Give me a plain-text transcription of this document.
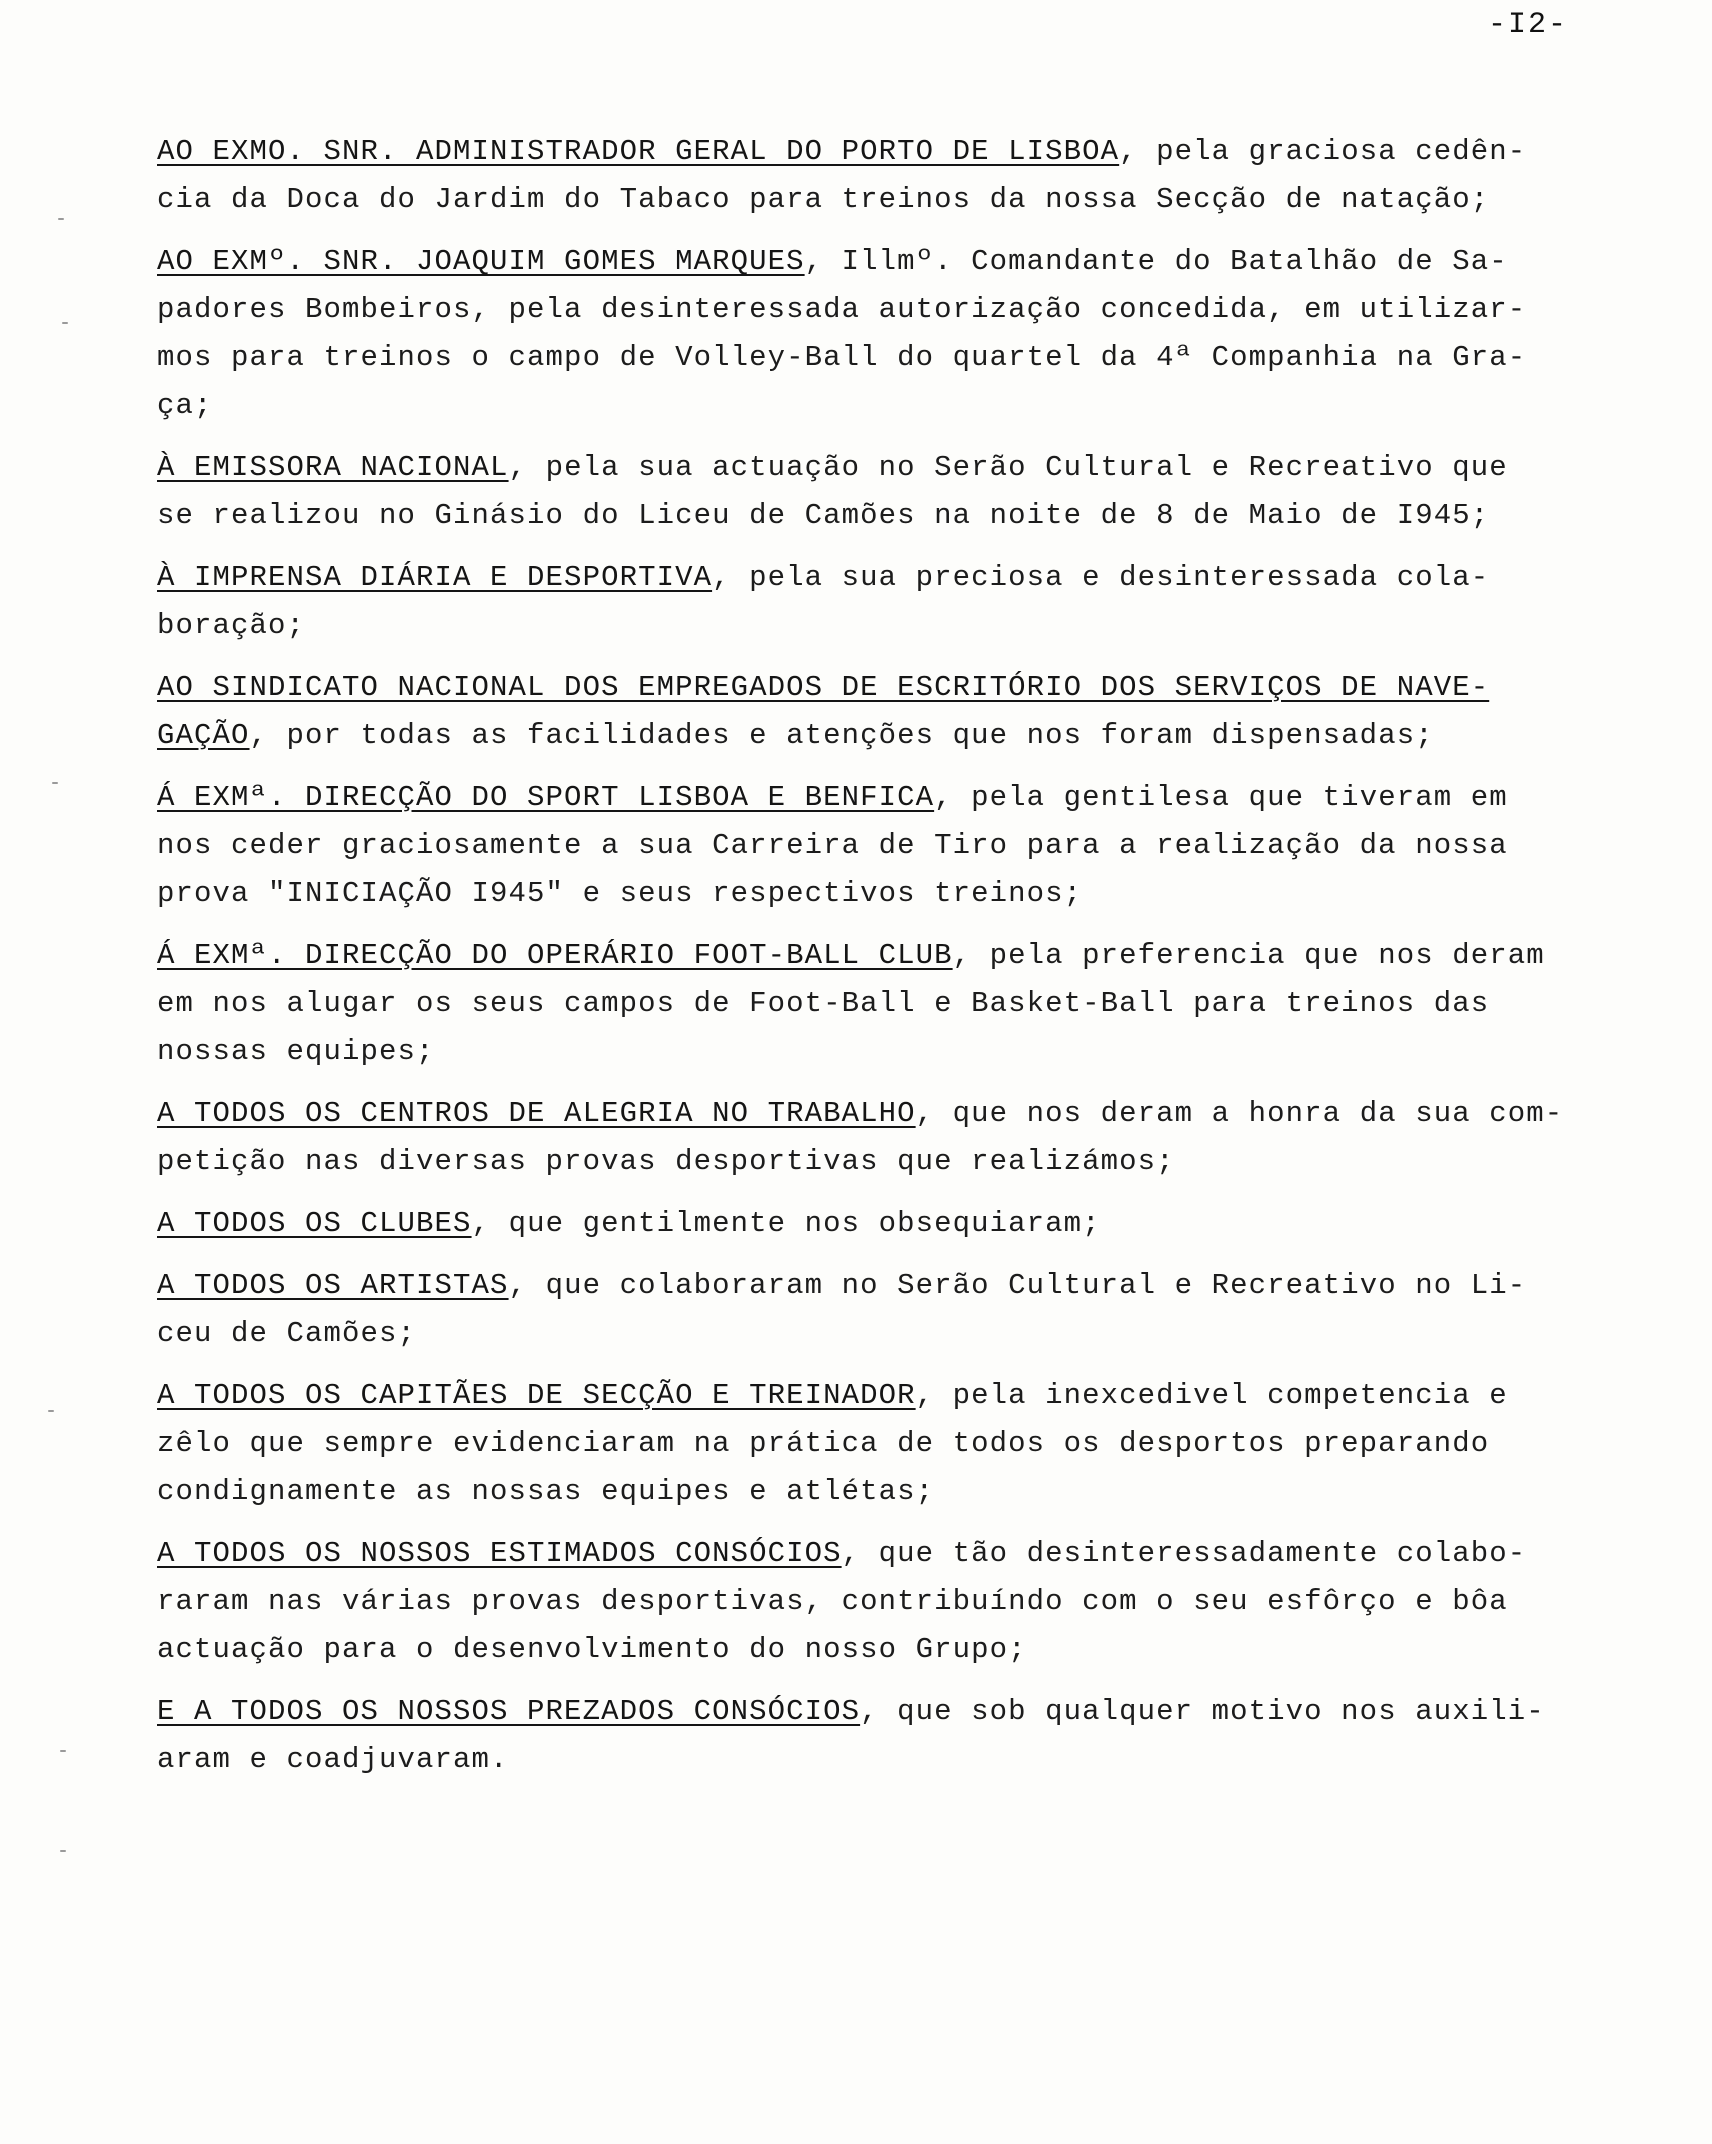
-I2-
AO EXMO. SNR. ADMINISTRADOR GERAL DO PORTO DE LISBOA, pela graciosa cedên-
cia da Doca do Jardim do Tabaco para treinos da nossa Secção de natação;
AO EXMº. SNR. JOAQUIM GOMES MARQUES, Illmº. Comandante do Batalhão de Sa-
padores Bombeiros, pela desinteressada autorização concedida, em utilizar-
mos para treinos o campo de Volley-Ball do quartel da 4ª Companhia na Gra-
ça;
À EMISSORA NACIONAL, pela sua actuação no Serão Cultural e Recreativo que
se realizou no Ginásio do Liceu de Camões na noite de 8 de Maio de I945;
À IMPRENSA DIÁRIA E DESPORTIVA, pela sua preciosa e desinteressada cola-
boração;
AO SINDICATO NACIONAL DOS EMPREGADOS DE ESCRITÓRIO DOS SERVIÇOS DE NAVE-
GAÇÃO, por todas as facilidades e atenções que nos foram dispensadas;
Á EXMª. DIRECÇÃO DO SPORT LISBOA E BENFICA, pela gentilesa que tiveram em
nos ceder graciosamente a sua Carreira de Tiro para a realização da nossa
prova "INICIAÇÃO I945" e seus respectivos treinos;
Á EXMª. DIRECÇÃO DO OPERÁRIO FOOT-BALL CLUB, pela preferencia que nos deram
em nos alugar os seus campos de Foot-Ball e Basket-Ball para treinos das
nossas equipes;
A TODOS OS CENTROS DE ALEGRIA NO TRABALHO, que nos deram a honra da sua com-
petição nas diversas provas desportivas que realizámos;
A TODOS OS CLUBES, que gentilmente nos obsequiaram;
A TODOS OS ARTISTAS, que colaboraram no Serão Cultural e Recreativo no Li-
ceu de Camões;
A TODOS OS CAPITÃES DE SECÇÃO E TREINADOR, pela inexcedivel competencia e
zêlo que sempre evidenciaram na prática de todos os desportos preparando
condignamente as nossas equipes e atlétas;
A TODOS OS NOSSOS ESTIMADOS CONSÓCIOS, que tão desinteressadamente colabo-
raram nas várias provas desportivas, contribuíndo com o seu esfôrço e bôa
actuação para o desenvolvimento do nosso Grupo;
E A TODOS OS NOSSOS PREZADOS CONSÓCIOS, que sob qualquer motivo nos auxili-
aram e coadjuvaram.
